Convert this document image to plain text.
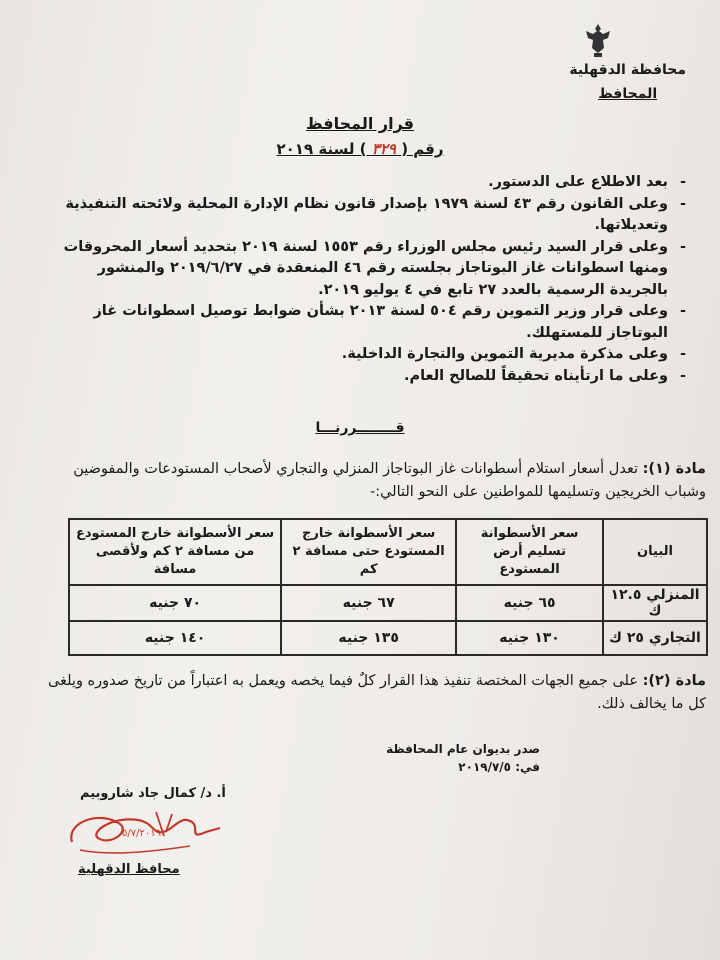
محافظة الدقهلية
المحافظ
قرار المحافظ
رقم ( ٣٢٩ ) لسنة ٢٠١٩
- بعد الاطلاع على الدستور.
- وعلى القانون رقم ٤٣ لسنة ١٩٧٩ بإصدار قانون نظام الإدارة المحلية ولائحته التنفيذية وتعديلاتها.
- وعلى قرار السيد رئيس مجلس الوزراء رقم ١٥٥٣ لسنة ٢٠١٩ بتحديد أسعار المحروقات ومنها اسطوانات غاز البوتاجاز بجلسته رقم ٤٦ المنعقدة في ٢٠١٩/٦/٢٧ والمنشور بالجريدة الرسمية بالعدد ٢٧ تابع في ٤ يوليو ٢٠١٩.
- وعلى قرار وزير التموين رقم ٥٠٤ لسنة ٢٠١٣ بشأن ضوابط توصيل اسطوانات غاز البوتاجاز للمستهلك.
- وعلى مذكرة مديرية التموين والتجارة الداخلية.
- وعلى ما ارتأيناه تحقيقاً للصالح العام.
قــــــــررنـــا
مادة (١): تعدل أسعار استلام أسطوانات غاز البوتاجاز المنزلي والتجاري لأصحاب المستودعات والمفوضين وشباب الخريجين وتسليمها للمواطنين على النحو التالي:-
البيان	سعر الأسطوانة تسليم أرض المستودع	سعر الأسطوانة خارج المستودع حتى مسافة ٢ كم	سعر الأسطوانة خارج المستودع من مسافة ٢ كم ولأقصى مسافة
المنزلي ١٢.٥ ك	٦٥ جنيه	٦٧ جنيه	٧٠ جنيه
التجاري ٢٥ ك	١٣٠ جنيه	١٣٥ جنيه	١٤٠ جنيه
مادة (٢): على جميع الجهات المختصة تنفيذ هذا القرار كلٌ فيما يخصه ويعمل به اعتباراً من تاريخ صدوره ويلغى كل ما يخالف ذلك.
صدر بديوان عام المحافظة
في: ٢٠١٩/٧/٥
أ. د/ كمال جاد شاروبيم
٥/٧/٢٠١٩
محافظ الدقهلية
